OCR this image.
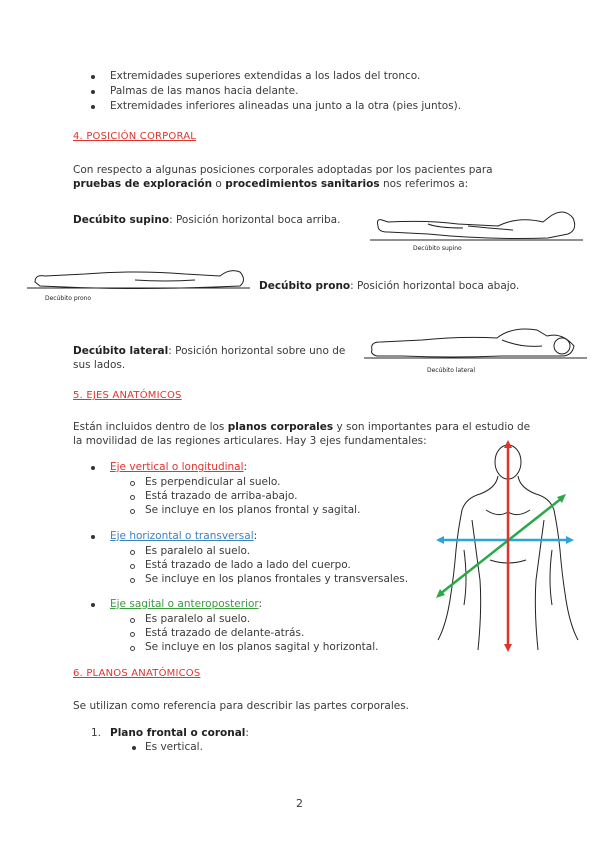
Extremidades superiores extendidas a los lados del tronco.
Palmas de las manos hacia delante.
Extremidades inferiores alineadas una junto a la otra (pies juntos).
4. POSICIÓN CORPORAL
Con respecto a algunas posiciones corporales adoptadas por los pacientes para
pruebas de exploración o procedimientos sanitarios nos referimos a:
Decúbito supino: Posición horizontal boca arriba.
Decúbito supino
Decúbito prono
Decúbito prono: Posición horizontal boca abajo.
Decúbito lateral
Decúbito lateral: Posición horizontal sobre uno de
sus lados.
5. EJES ANATÓMICOS
Están incluidos dentro de los planos corporales y son importantes para el estudio de
la movilidad de las regiones articulares. Hay 3 ejes fundamentales:
Eje vertical o longitudinal:
Es perpendicular al suelo.
Está trazado de arriba-abajo.
Se incluye en los planos frontal y sagital.
Eje horizontal o transversal:
Es paralelo al suelo.
Está trazado de lado a lado del cuerpo.
Se incluye en los planos frontales y transversales.
Eje sagital o anteroposterior:
Es paralelo al suelo.
Está trazado de delante-atrás.
Se incluye en los planos sagital y horizontal.
6. PLANOS ANATÓMICOS
Se utilizan como referencia para describir las partes corporales.
1. Plano frontal o coronal:
Es vertical.
2
